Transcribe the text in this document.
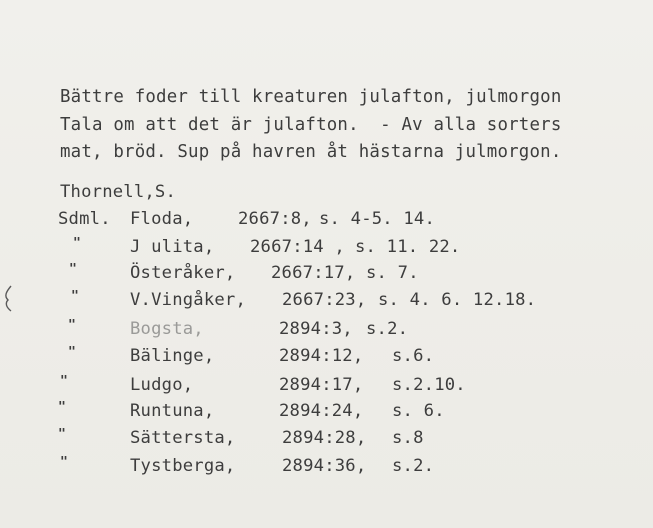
Bättre foder till kreaturen julafton, julmorgon
Tala om att det är julafton.  - Av alla sorters
mat, bröd. Sup på havren åt hästarna julmorgon.
Thornell,S.
Sdml. Floda,	2667:8, s. 4-5. 14.
"	J ulita, 2667:14 , s. 11. 22.
"	Österåker, 2667:17, s. 7.
"	V.Vingåker, 2667:23, s. 4. 6. 12.18.
"	Bogsta,	2894:3, s.2.
"	Bälinge,	2894:12, s.6.
"	Ludgo,	2894:17, s.2.10.
"	Runtuna,	2894:24, s. 6.
"	Sättersta,	2894:28, s.8
"	Tystberga,	2894:36, s.2.
